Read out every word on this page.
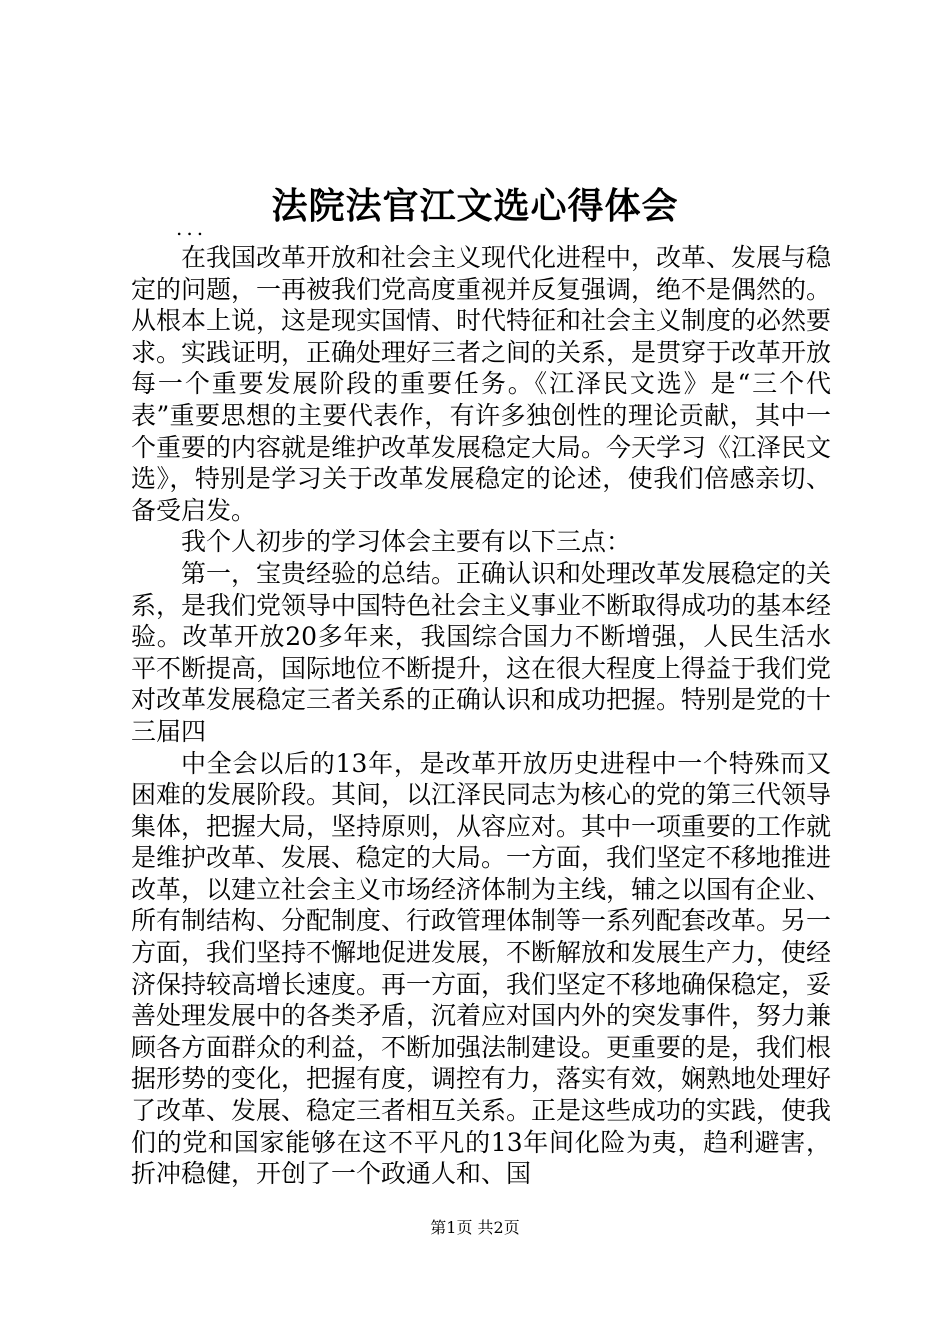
法院法官江文选心得体会
...

在我国改革开放和社会主义现代化进程中，改革、发展与稳定的问题，一再被我们党高度重视并反复强调，绝不是偶然的。从根本上说，这是现实国情、时代特征和社会主义制度的必然要求。实践证明，正确处理好三者之间的关系，是贯穿于改革开放每一个重要发展阶段的重要任务。《江泽民文选》是“三个代表”重要思想的主要代表作，有许多独创性的理论贡献，其中一个重要的内容就是维护改革发展稳定大局。今天学习《江泽民文选》，特别是学习关于改革发展稳定的论述，使我们倍感亲切、备受启发。

我个人初步的学习体会主要有以下三点：

第一，宝贵经验的总结。正确认识和处理改革发展稳定的关系，是我们党领导中国特色社会主义事业不断取得成功的基本经验。改革开放20多年来，我国综合国力不断增强，人民生活水平不断提高，国际地位不断提升，这在很大程度上得益于我们党对改革发展稳定三者关系的正确认识和成功把握。特别是党的十三届四

中全会以后的13年，是改革开放历史进程中一个特殊而又困难的发展阶段。其间，以江泽民同志为核心的党的第三代领导集体，把握大局，坚持原则，从容应对。其中一项重要的工作就是维护改革、发展、稳定的大局。一方面，我们坚定不移地推进改革，以建立社会主义市场经济体制为主线，辅之以国有企业、所有制结构、分配制度、行政管理体制等一系列配套改革。另一方面，我们坚持不懈地促进发展，不断解放和发展生产力，使经济保持较高增长速度。再一方面，我们坚定不移地确保稳定，妥善处理发展中的各类矛盾，沉着应对国内外的突发事件，努力兼顾各方面群众的利益，不断加强法制建设。更重要的是，我们根据形势的变化，把握有度，调控有力，落实有效，娴熟地处理好了改革、发展、稳定三者相互关系。正是这些成功的实践，使我们的党和国家能够在这不平凡的13年间化险为夷，趋利避害，折冲稳健，开创了一个政通人和、国

第1页 共2页
